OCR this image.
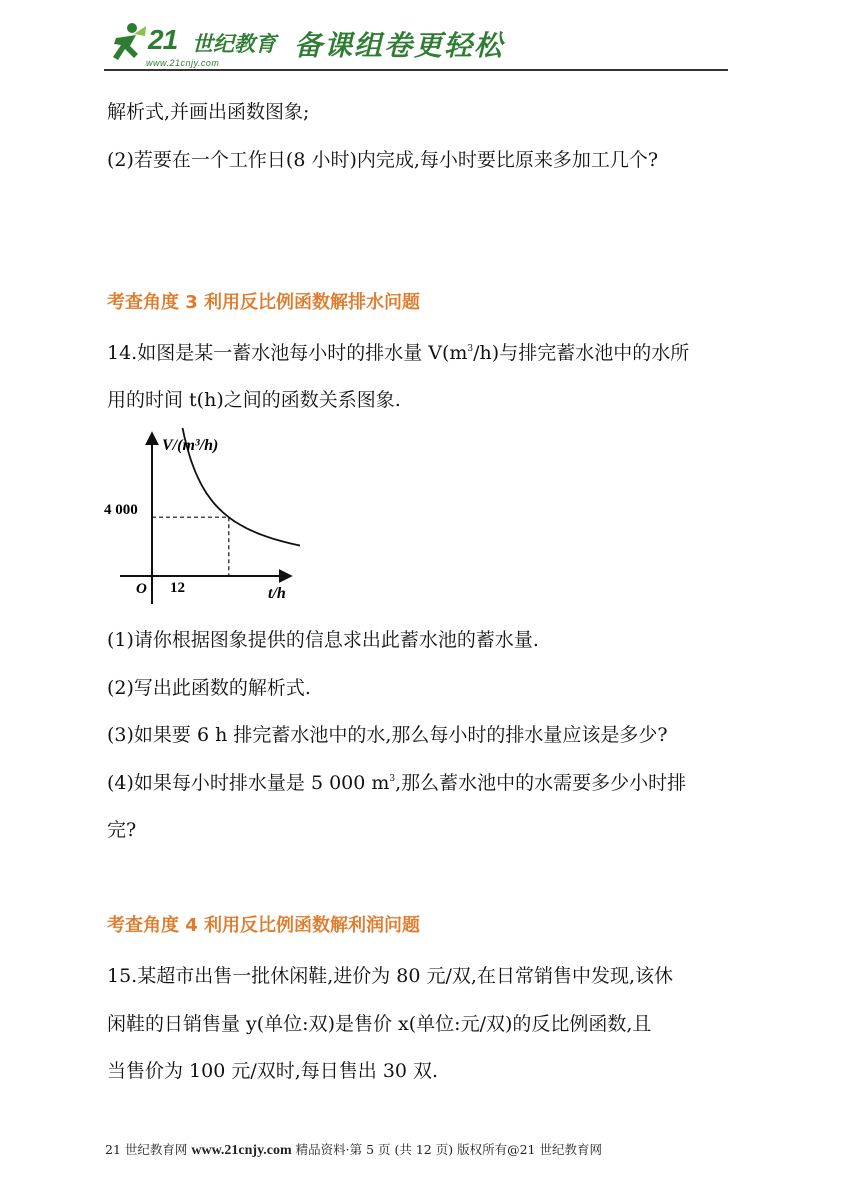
21 世纪教育
www.21cnjy.com
备课组卷更轻松
解析式,并画出函数图象;
(2)若要在一个工作日(8 小时)内完成,每小时要比原来多加工几个?
考查角度 3 利用反比例函数解排水问题
14.如图是某一蓄水池每小时的排水量 $V(m^3/h)$与排完蓄水池中的水所
用的时间 t(h)之间的函数关系图象.
V/(m³/h)
4 000
12
O	t/h
(1)请你根据图象提供的信息求出此蓄水池的蓄水量.
(2)写出此函数的解析式.
(3)如果要 6 h 排完蓄水池中的水,那么每小时的排水量应该是多少?
(4)如果每小时排水量是 5 000 $m^3$,那么蓄水池中的水需要多少小时排
完?
考查角度 4 利用反比例函数解利润问题
15.某超市出售一批休闲鞋,进价为 80 元/双,在日常销售中发现,该休
闲鞋的日销售量 y(单位:双)是售价 x(单位:元/双)的反比例函数,且
当售价为 100 元/双时,每日售出 30 双.
21 世纪教育网 www.21cnjy.com 精品资料·第 5 页 (共 12 页) 版权所有@21 世纪教育网
